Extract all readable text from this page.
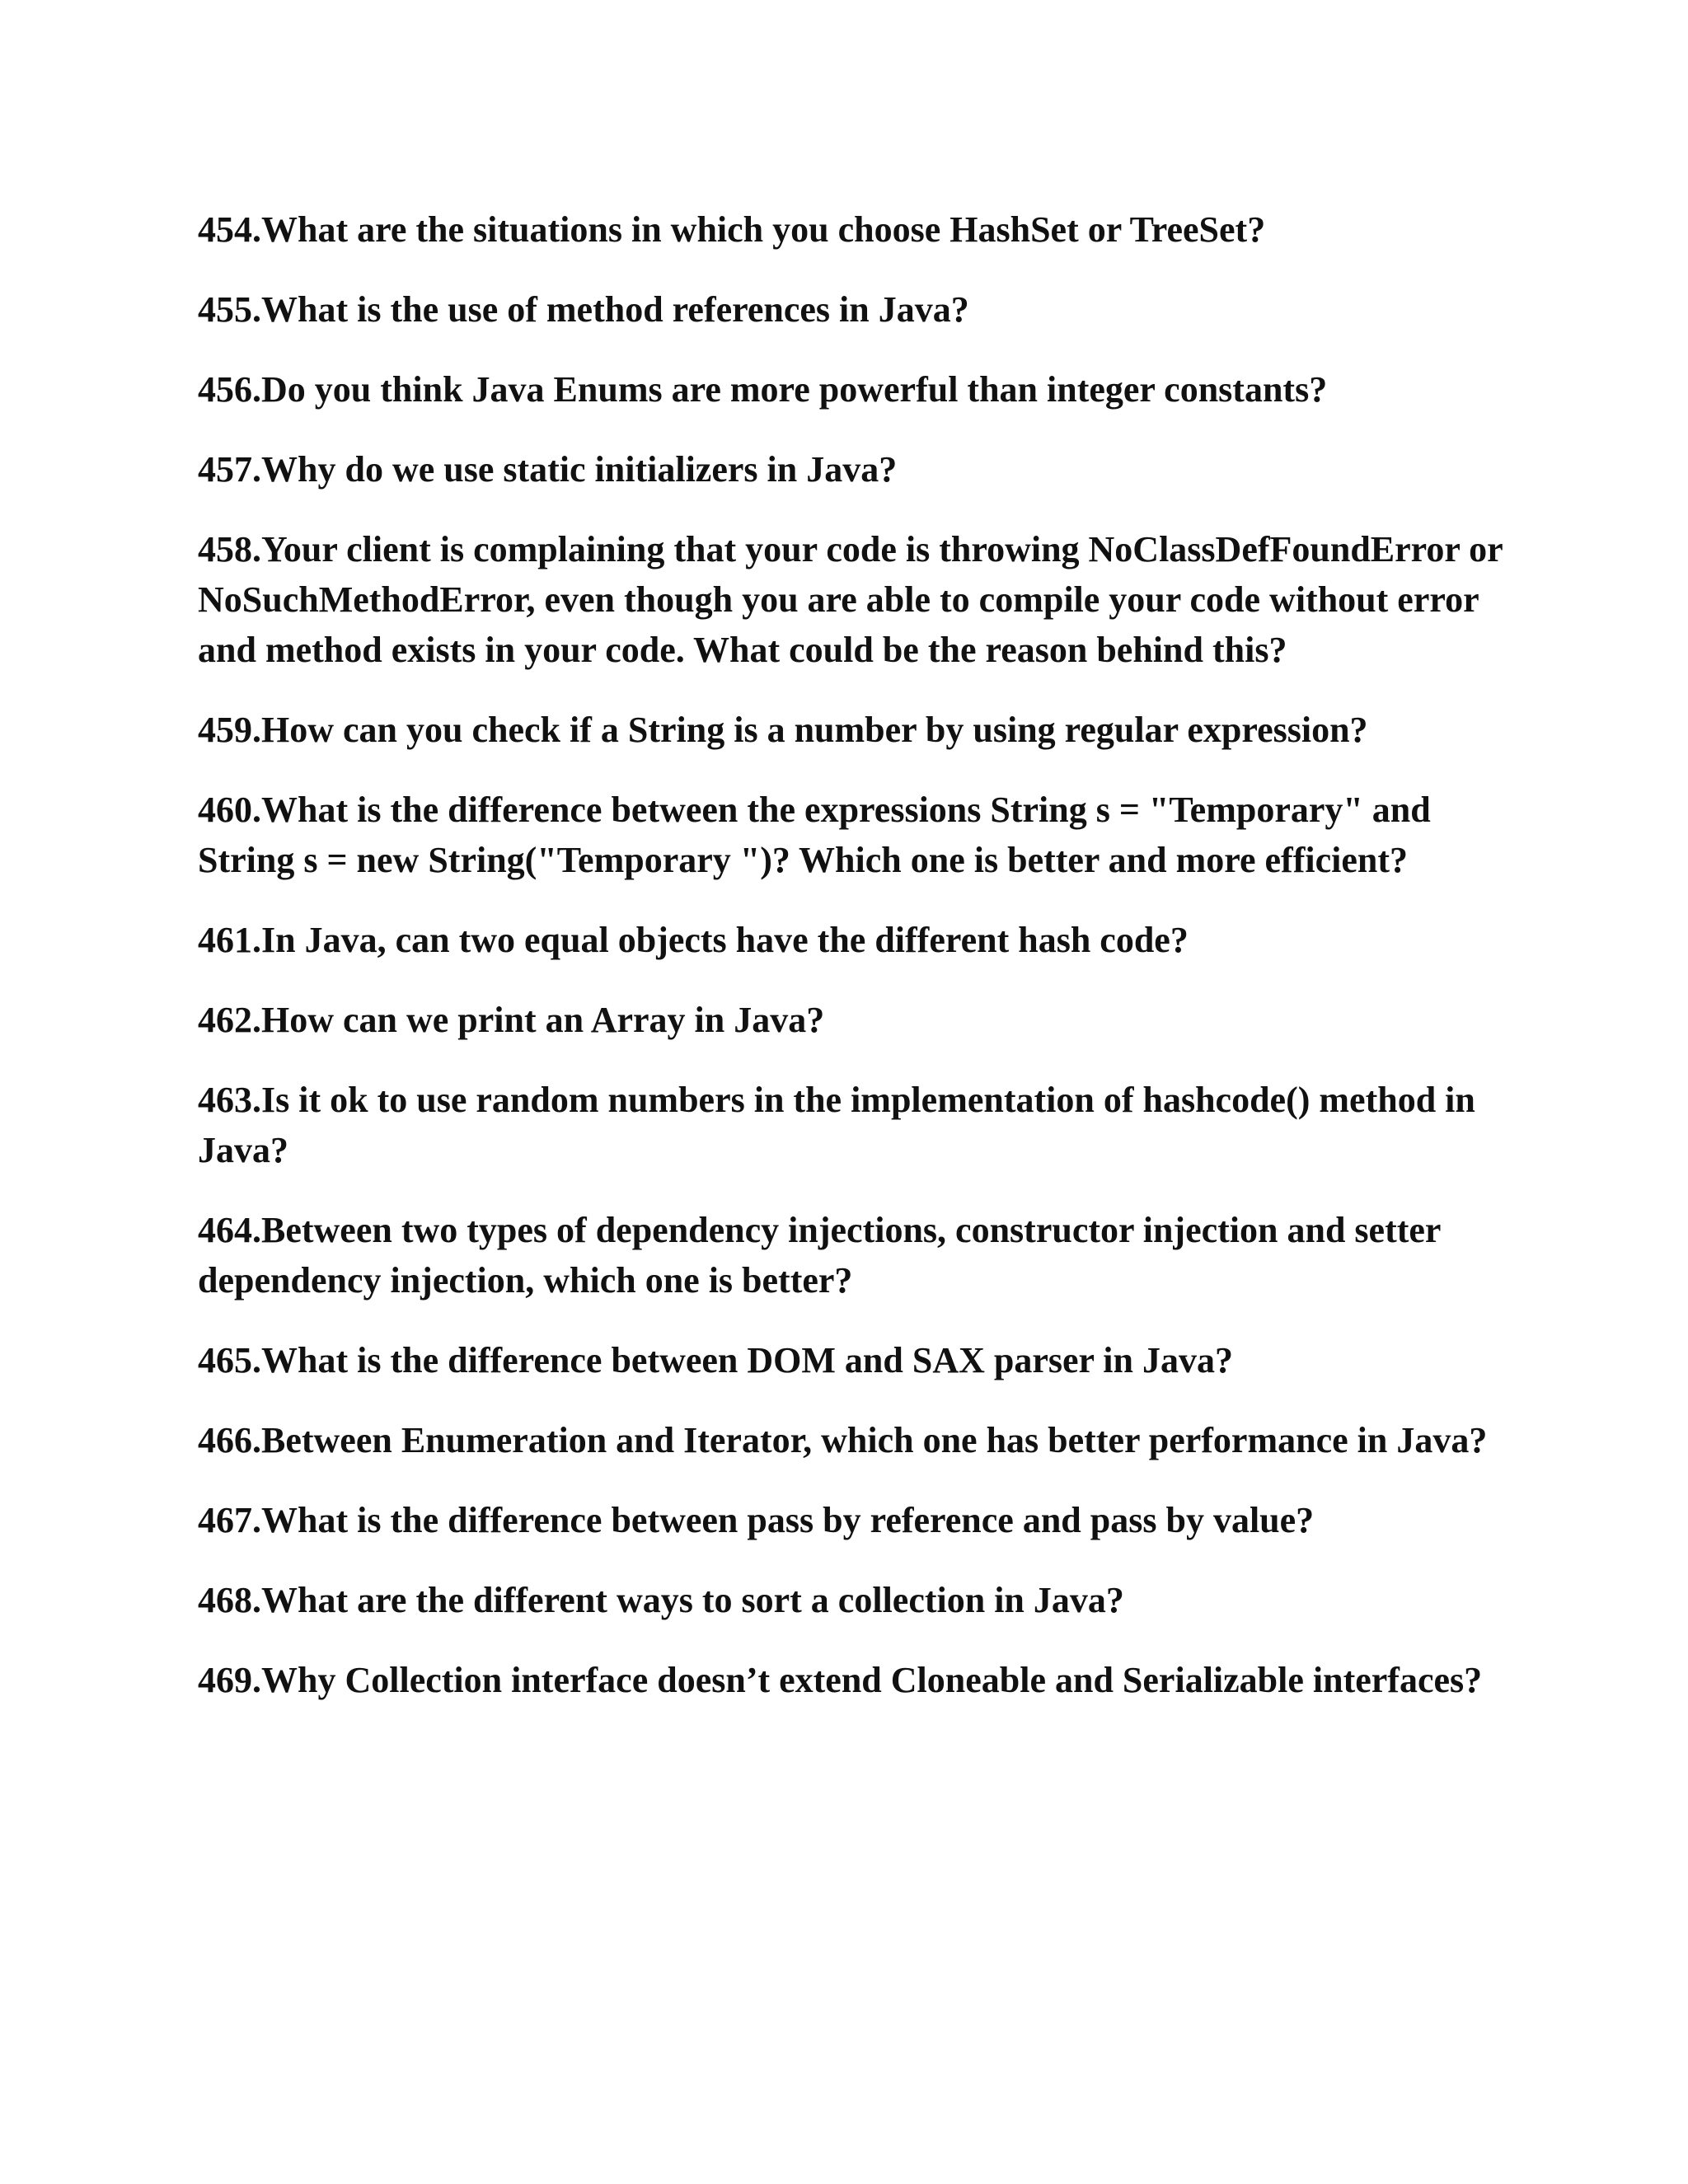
454.What are the situations in which you choose HashSet or TreeSet?
455.What is the use of method references in Java?
456.Do you think Java Enums are more powerful than integer constants?
457.Why do we use static initializers in Java?
458.Your client is complaining that your code is throwing NoClassDefFoundError or NoSuchMethodError, even though you are able to compile your code without error and method exists in your code. What could be the reason behind this?
459.How can you check if a String is a number by using regular expression?
460.What is the difference between the expressions String s = "Temporary" and String s = new String("Temporary ")? Which one is better and more efficient?
461.In Java, can two equal objects have the different hash code?
462.How can we print an Array in Java?
463.Is it ok to use random numbers in the implementation of hashcode() method in Java?
464.Between two types of dependency injections, constructor injection and setter dependency injection, which one is better?
465.What is the difference between DOM and SAX parser in Java?
466.Between Enumeration and Iterator, which one has better performance in Java?
467.What is the difference between pass by reference and pass by value?
468.What are the different ways to sort a collection in Java?
469.Why Collection interface doesn’t extend Cloneable and Serializable interfaces?
